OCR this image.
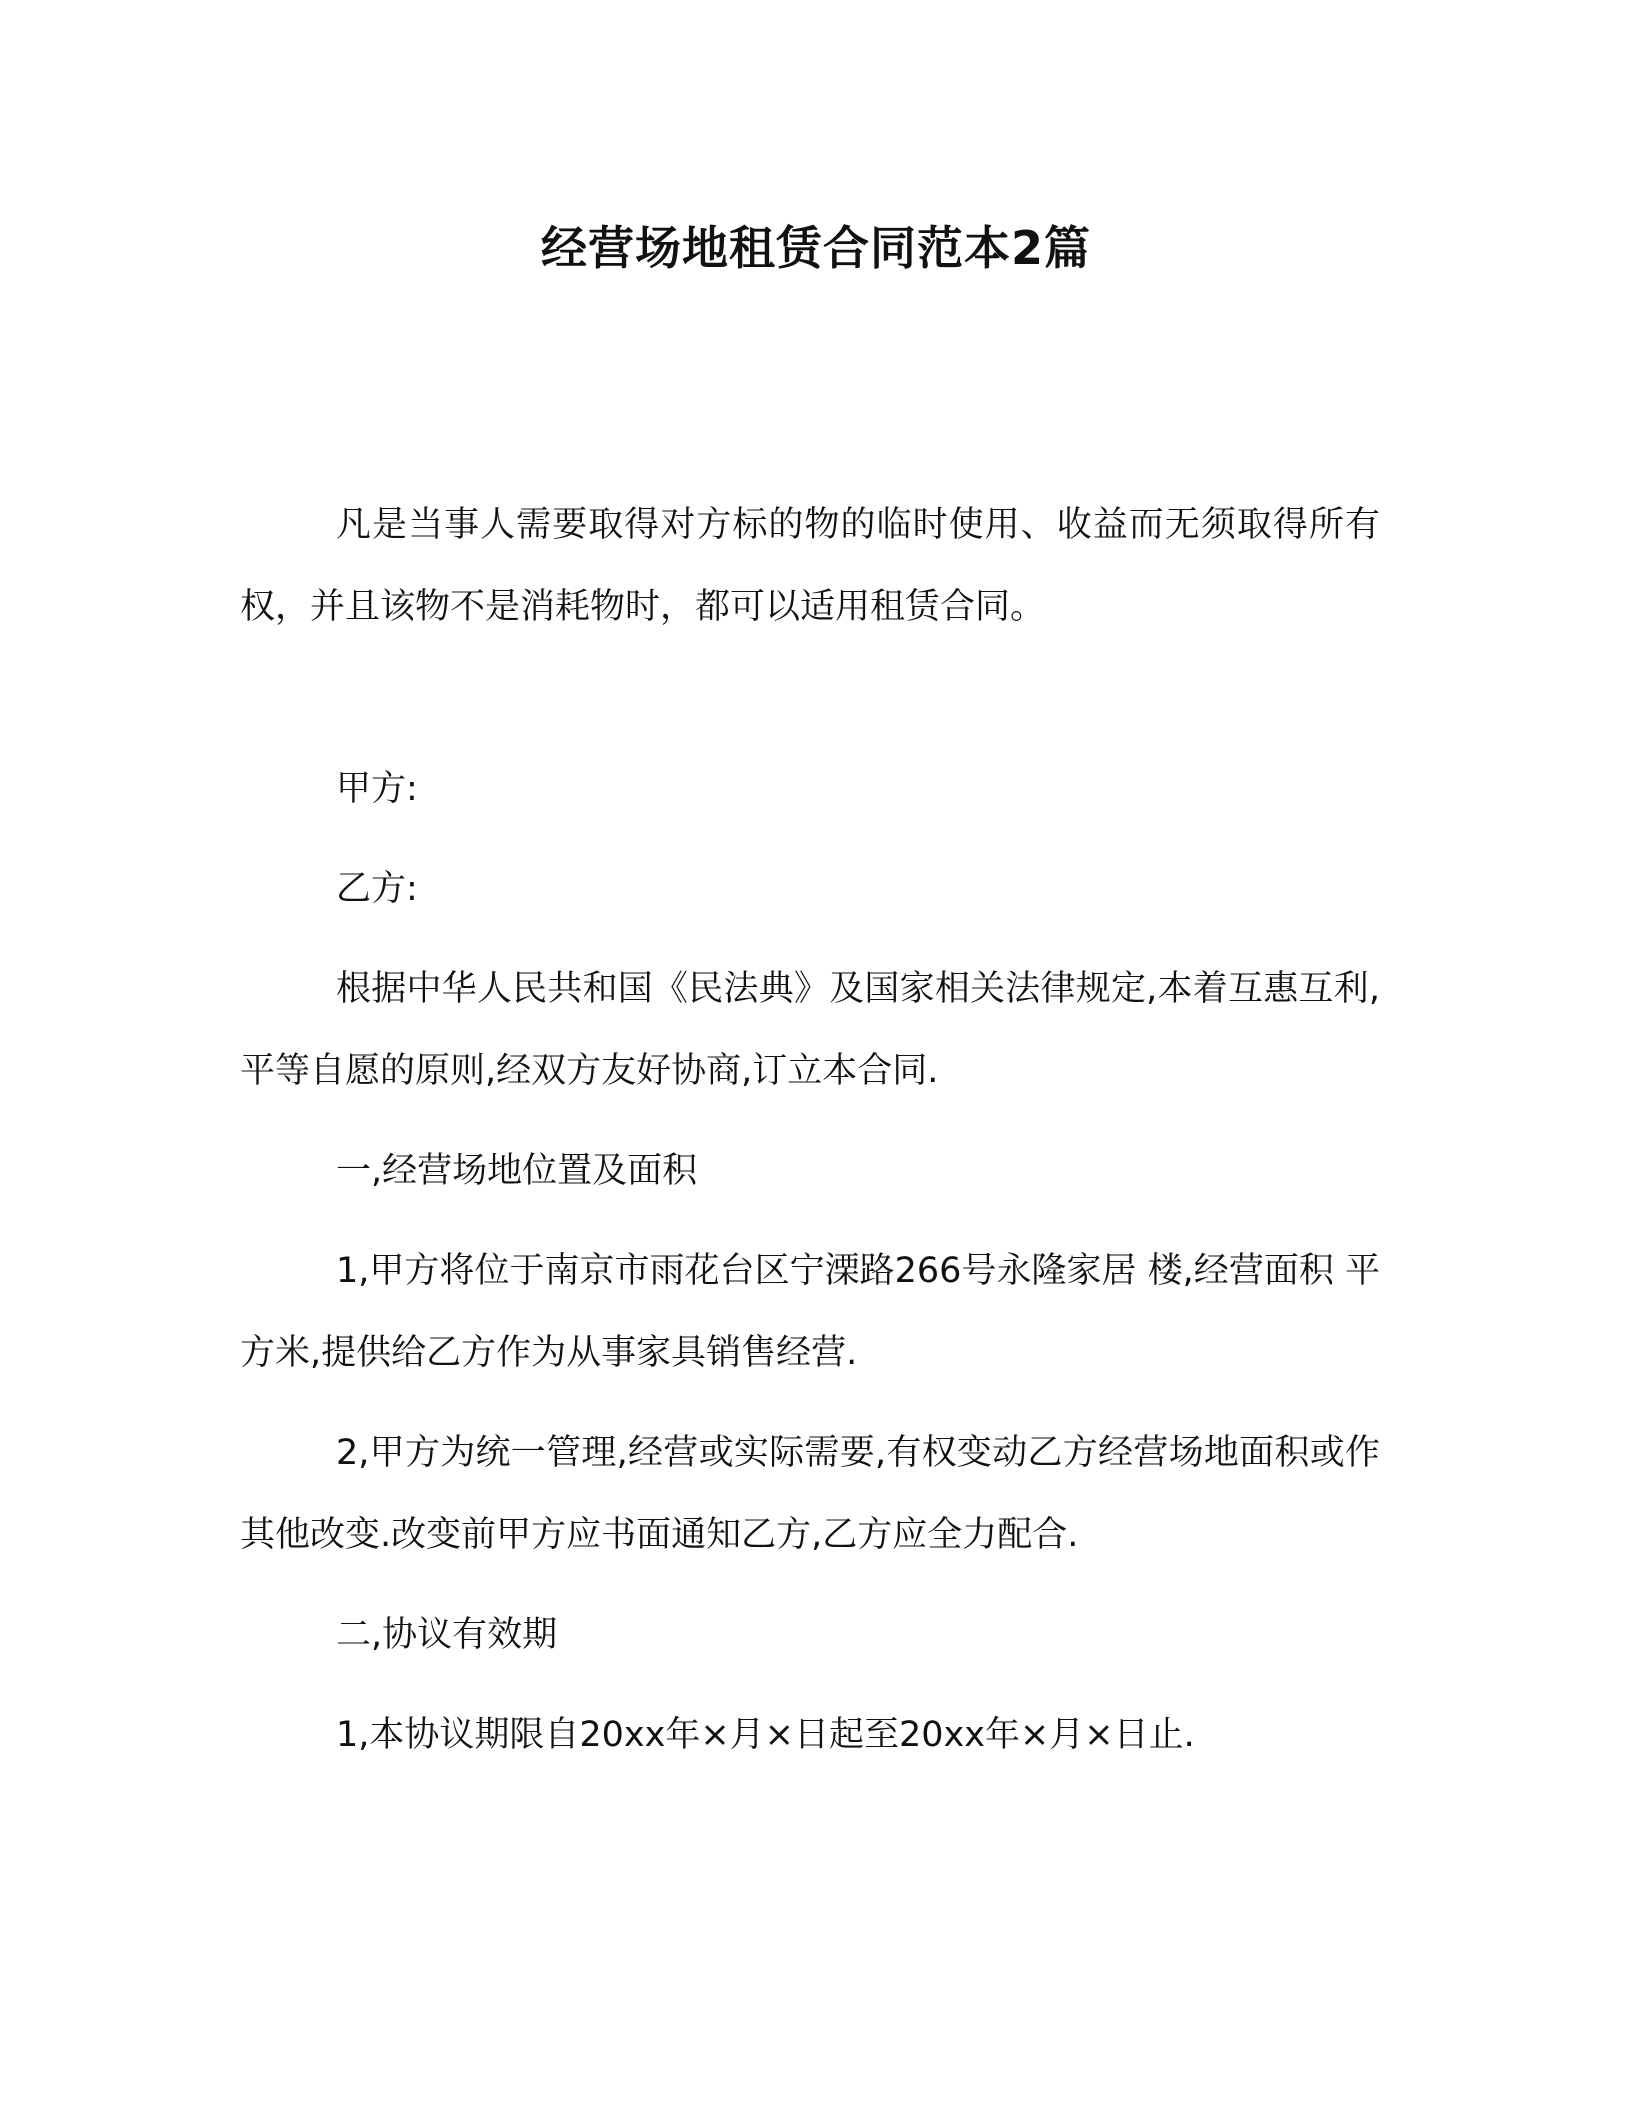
经营场地租赁合同范本2篇

凡是当事人需要取得对方标的物的临时使用、收益而无须取得所有权，并且该物不是消耗物时，都可以适用租赁合同。

甲方:

乙方:

根据中华人民共和国《民法典》及国家相关法律规定,本着互惠互利,平等自愿的原则,经双方友好协商,订立本合同.

一,经营场地位置及面积

1,甲方将位于南京市雨花台区宁溧路266号永隆家居 楼,经营面积 平方米,提供给乙方作为从事家具销售经营.

2,甲方为统一管理,经营或实际需要,有权变动乙方经营场地面积或作其他改变.改变前甲方应书面通知乙方,乙方应全力配合.

二,协议有效期

1,本协议期限自20xx年×月×日起至20xx年×月×日止.
